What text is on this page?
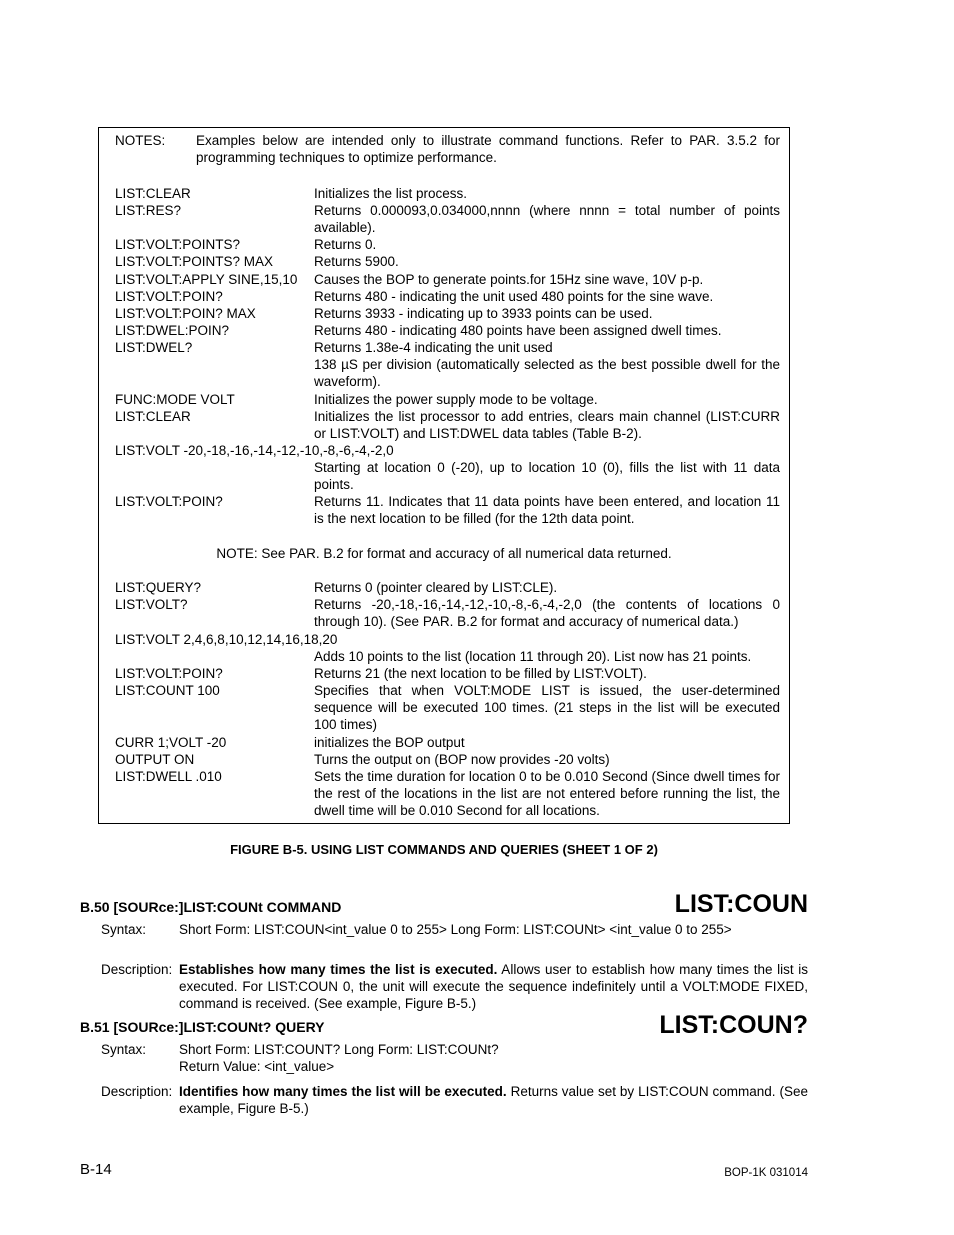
NOTES: Examples below are intended only to illustrate command functions. Refer to PAR. 3.5.2 for programming techniques to optimize performance.
LIST:CLEAR	Initializes the list process.
LIST:RES?	Returns 0.000093,0.034000,nnnn (where nnnn = total number of points available).
LIST:VOLT:POINTS?	Returns 0.
LIST:VOLT:POINTS? MAX	Returns 5900.
LIST:VOLT:APPLY SINE,15,10 Causes the BOP to generate points.for 15Hz sine wave, 10V p-p.
LIST:VOLT:POIN?	Returns 480 - indicating the unit used 480 points for the sine wave.
LIST:VOLT:POIN? MAX	Returns 3933 - indicating up to 3933 points can be used.
LIST:DWEL:POIN?	Returns 480 - indicating 480 points have been assigned dwell times.
LIST:DWEL?	Returns 1.38e-4 indicating the unit used
138 µS per division (automatically selected as the best possible dwell for the waveform).
FUNC:MODE VOLT	Initializes the power supply mode to be voltage.
LIST:CLEAR	Initializes the list processor to add entries, clears main channel (LIST:CURR or LIST:VOLT) and LIST:DWEL data tables (Table B-2).
LIST:VOLT -20,-18,-16,-14,-12,-10,-8,-6,-4,-2,0
Starting at location 0 (-20), up to location 10 (0), fills the list with 11 data points.
LIST:VOLT:POIN?	Returns 11. Indicates that 11 data points have been entered, and location 11 is the next location to be filled (for the 12th data point.
NOTE: See PAR. B.2 for format and accuracy of all numerical data returned.
LIST:QUERY?	Returns 0 (pointer cleared by LIST:CLE).
LIST:VOLT?	Returns -20,-18,-16,-14,-12,-10,-8,-6,-4,-2,0 (the contents of locations 0 through 10). (See PAR. B.2 for format and accuracy of numerical data.)
LIST:VOLT 2,4,6,8,10,12,14,16,18,20
Adds 10 points to the list (location 11 through 20). List now has 21 points.
LIST:VOLT:POIN?	Returns 21 (the next location to be filled by LIST:VOLT).
LIST:COUNT 100	Specifies that when VOLT:MODE LIST is issued, the user-determined sequence will be executed 100 times. (21 steps in the list will be executed 100 times)
CURR 1;VOLT -20	initializes the BOP output
OUTPUT ON	Turns the output on (BOP now provides -20 volts)
LIST:DWELL .010	Sets the time duration for location 0 to be 0.010 Second (Since dwell times for the rest of the locations in the list are not entered before running the list, the dwell time will be 0.010 Second for all locations.
FIGURE B-5. USING LIST COMMANDS AND QUERIES (SHEET 1 OF 2)
B.50 [SOURce:]LIST:COUNt COMMAND	LIST:COUN
Syntax: Short Form: LIST:COUN<int_value 0 to 255> Long Form: LIST:COUNt> <int_value 0 to 255>
Description: Establishes how many times the list is executed. Allows user to establish how many times the list is executed. For LIST:COUN 0, the unit will execute the sequence indefinitely until a VOLT:MODE FIXED, command is received. (See example, Figure B-5.)
B.51 [SOURce:]LIST:COUNt? QUERY	LIST:COUN?
Syntax: Short Form: LIST:COUNT? Long Form: LIST:COUNt?
Return Value: <int_value>
Description: Identifies how many times the list will be executed. Returns value set by LIST:COUN command. (See example, Figure B-5.)
B-14	BOP-1K 031014
